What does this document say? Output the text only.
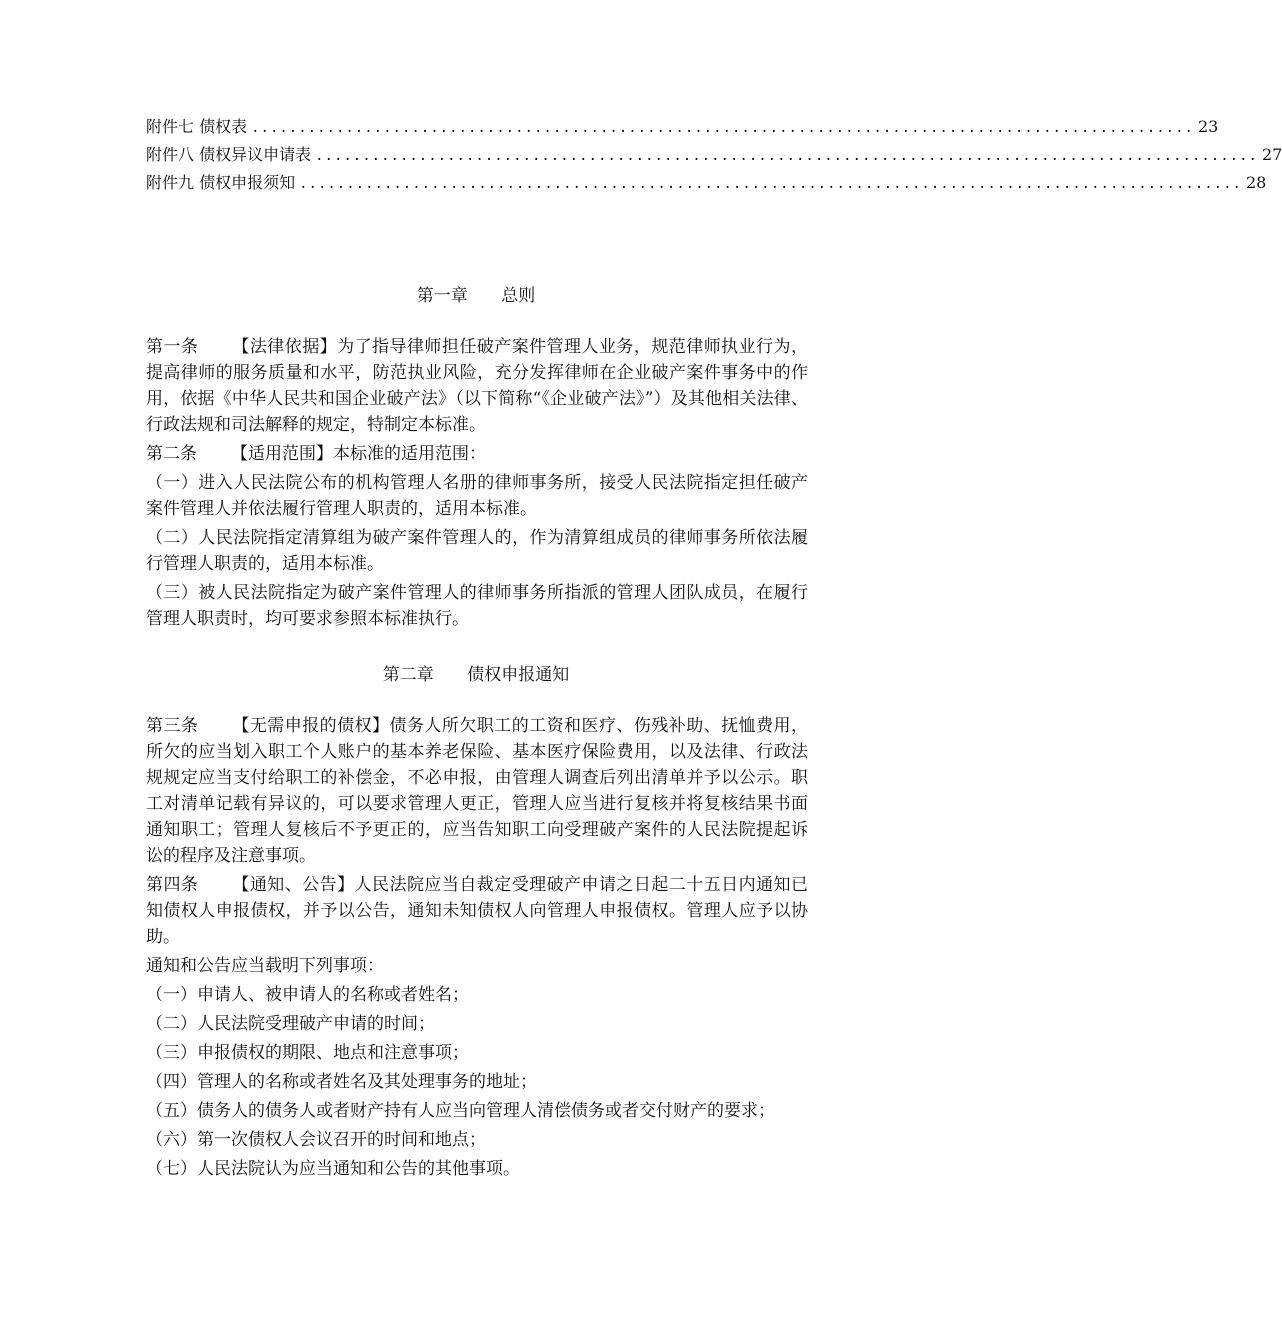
附件七 债权表 .................................................................................................... 23
附件八 债权异议申请表 .................................................................................................... 27
附件九 债权申报须知 .................................................................................................... 28
第一章 总则

第一条 【法律依据】为了指导律师担任破产案件管理人业务，规范律师执业行为，提高律师的服务质量和水平，防范执业风险，充分发挥律师在企业破产案件事务中的作用，依据《中华人民共和国企业破产法》（以下简称“《企业破产法》”）及其他相关法律、行政法规和司法解释的规定，特制定本标准。

第二条 【适用范围】本标准的适用范围：

（一）进入人民法院公布的机构管理人名册的律师事务所，接受人民法院指定担任破产案件管理人并依法履行管理人职责的，适用本标准。

（二）人民法院指定清算组为破产案件管理人的，作为清算组成员的律师事务所依法履行管理人职责的，适用本标准。

（三）被人民法院指定为破产案件管理人的律师事务所指派的管理人团队成员，在履行管理人职责时，均可要求参照本标准执行。

第二章 债权申报通知

第三条 【无需申报的债权】债务人所欠职工的工资和医疗、伤残补助、抚恤费用，所欠的应当划入职工个人账户的基本养老保险、基本医疗保险费用，以及法律、行政法规规定应当支付给职工的补偿金，不必申报，由管理人调查后列出清单并予以公示。职工对清单记载有异议的，可以要求管理人更正，管理人应当进行复核并将复核结果书面通知职工；管理人复核后不予更正的，应当告知职工向受理破产案件的人民法院提起诉讼的程序及注意事项。

第四条 【通知、公告】人民法院应当自裁定受理破产申请之日起二十五日内通知已知债权人申报债权，并予以公告，通知未知债权人向管理人申报债权。管理人应予以协助。

通知和公告应当载明下列事项：

（一）申请人、被申请人的名称或者姓名；

（二）人民法院受理破产申请的时间；

（三）申报债权的期限、地点和注意事项；

（四）管理人的名称或者姓名及其处理事务的地址；

（五）债务人的债务人或者财产持有人应当向管理人清偿债务或者交付财产的要求；

（六）第一次债权人会议召开的时间和地点；

（七）人民法院认为应当通知和公告的其他事项。
